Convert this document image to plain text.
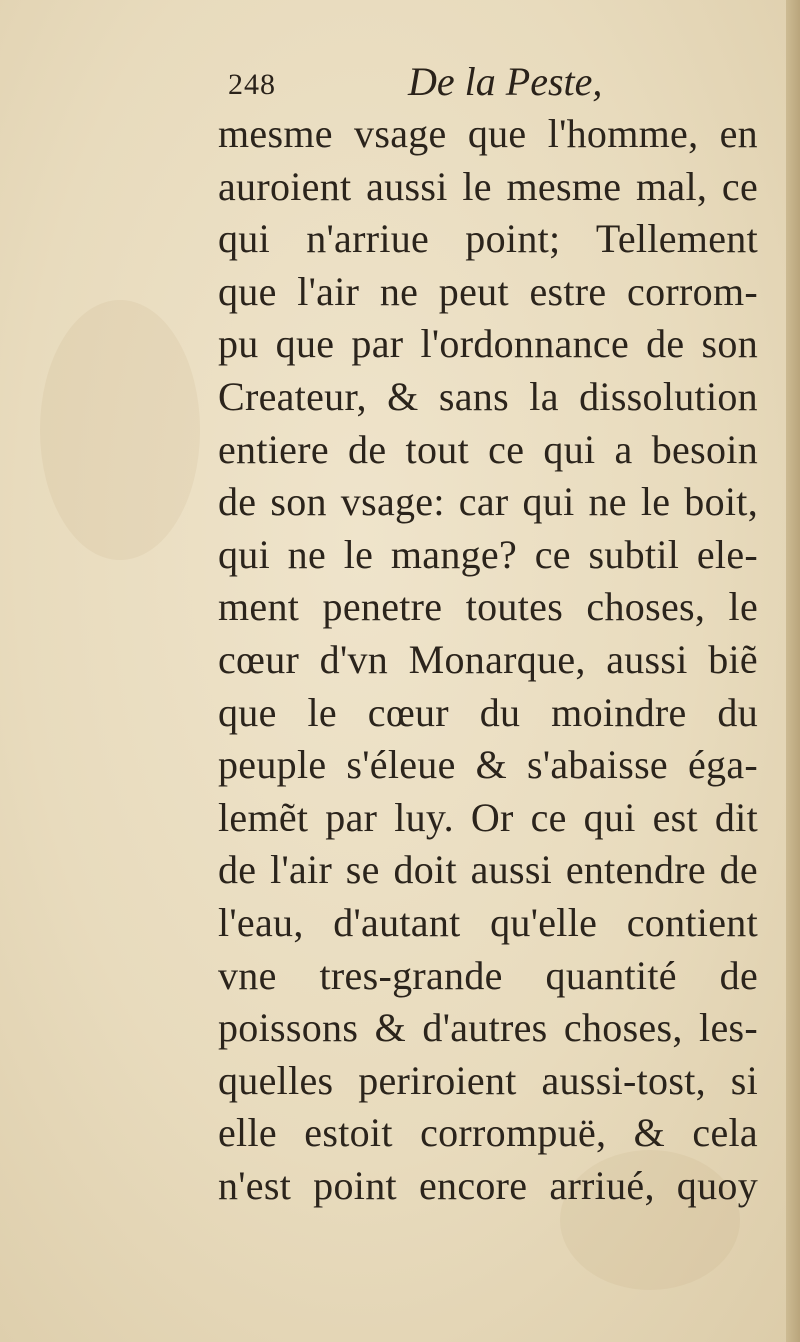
248	De la Peste,
mesme vsage que l'homme, en
auroient aussi le mesme mal, ce
qui n'arriue point; Tellement
que l'air ne peut estre corrom-
pu que par l'ordonnance de son
Createur, & sans la dissolution
entiere de tout ce qui a besoin
de son vsage: car qui ne le boit,
qui ne le mange? ce subtil ele-
ment penetre toutes choses, le
cœur d'vn Monarque, aussi biẽ
que le cœur du moindre du
peuple s'éleue & s'abaisse éga-
lemẽt par luy. Or ce qui est dit
de l'air se doit aussi entendre de
l'eau, d'autant qu'elle contient
vne tres-grande quantité de
poissons & d'autres choses, les-
quelles periroient aussi-tost, si
elle estoit corrompuë, & cela
n'est point encore arriué, quoy
